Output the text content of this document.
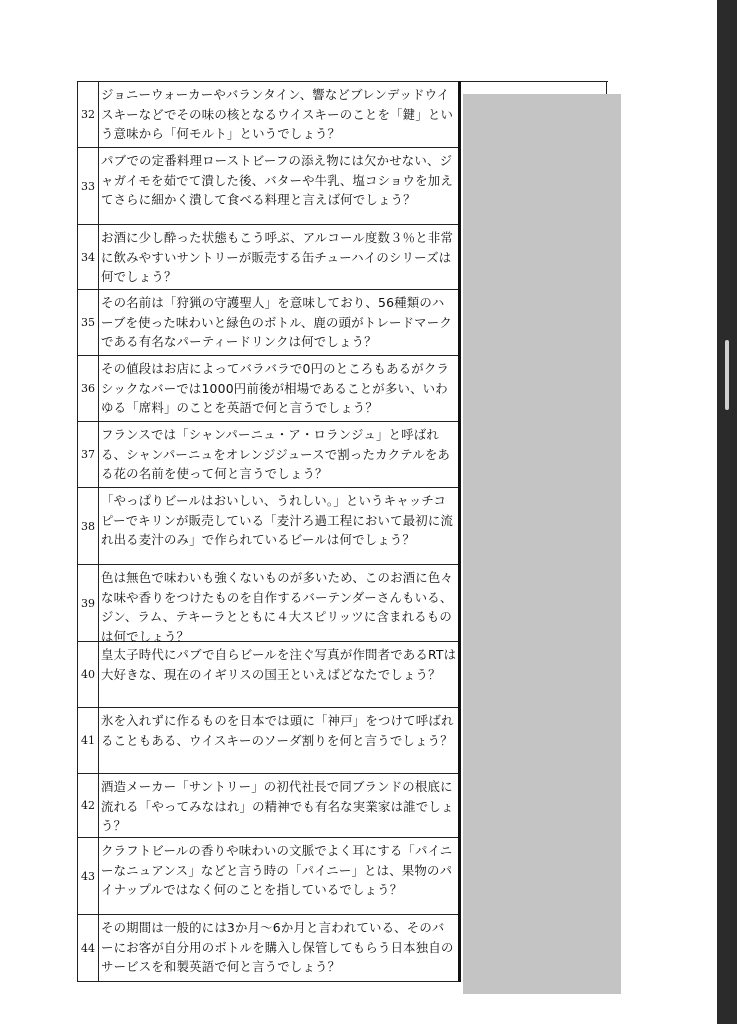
32
ジョニーウォーカーやバランタイン、響などブレンデッドウイスキーなどでその味の核となるウイスキーのことを「鍵」という意味から「何モルト」というでしょう？
33
パブでの定番料理ローストビーフの添え物には欠かせない、ジャガイモを茹でて潰した後、バターや牛乳、塩コショウを加えてさらに細かく潰して食べる料理と言えば何でしょう？
34
お酒に少し酔った状態もこう呼ぶ、アルコール度数３％と非常に飲みやすいサントリーが販売する缶チューハイのシリーズは何でしょう？
35
その名前は「狩猟の守護聖人」を意味しており、56種類のハーブを使った味わいと緑色のボトル、鹿の頭がトレードマークである有名なパーティードリンクは何でしょう？
36
その値段はお店によってバラバラで0円のところもあるがクラシックなバーでは1000円前後が相場であることが多い、いわゆる「席料」のことを英語で何と言うでしょう？
37
フランスでは「シャンパーニュ・ア・ロランジュ」と呼ばれる、シャンパーニュをオレンジジュースで割ったカクテルをある花の名前を使って何と言うでしょう？
38
「やっぱりビールはおいしい、うれしい。」というキャッチコピーでキリンが販売している「麦汁ろ過工程において最初に流れ出る麦汁のみ」で作られているビールは何でしょう？
39
色は無色で味わいも強くないものが多いため、このお酒に色々な味や香りをつけたものを自作するバーテンダーさんもいる、ジン、ラム、テキーラとともに４大スピリッツに含まれるものは何でしょう？
40
皇太子時代にパブで自らビールを注ぐ写真が作問者であるRTは大好きな、現在のイギリスの国王といえばどなたでしょう？
41
氷を入れずに作るものを日本では頭に「神戸」をつけて呼ばれることもある、ウイスキーのソーダ割りを何と言うでしょう？
42
酒造メーカー「サントリー」の初代社長で同ブランドの根底に流れる「やってみなはれ」の精神でも有名な実業家は誰でしょう？
43
クラフトビールの香りや味わいの文脈でよく耳にする「パイニーなニュアンス」などと言う時の「パイニー」とは、果物のパイナップルではなく何のことを指しているでしょう？
44
その期間は一般的には3か月〜6か月と言われている、そのバーにお客が自分用のボトルを購入し保管してもらう日本独自のサービスを和製英語で何と言うでしょう？
